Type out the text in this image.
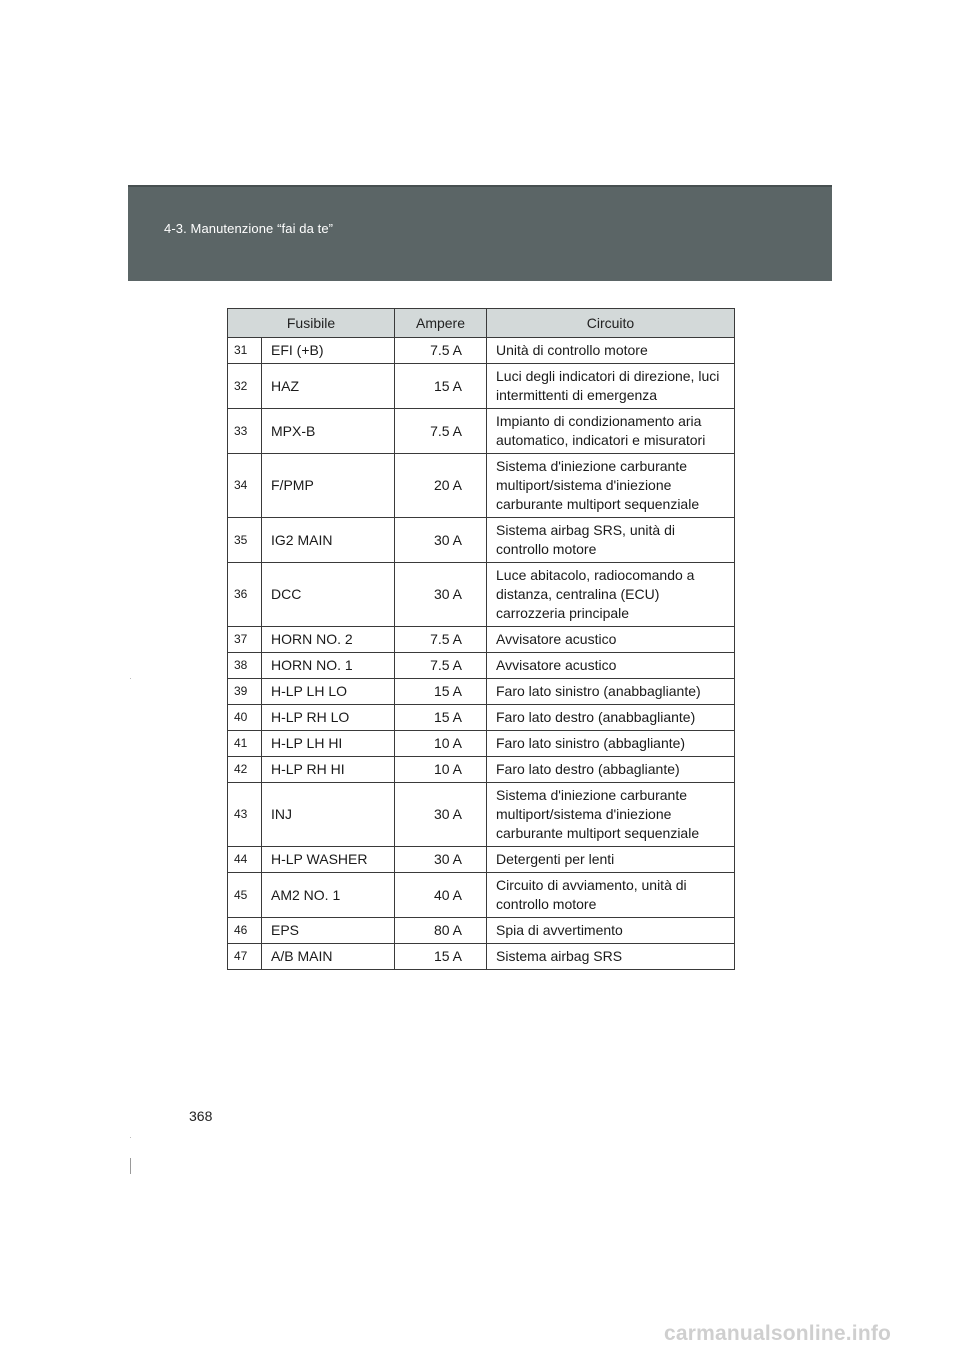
4-3. Manutenzione “fai da te”
Fusibile		Ampere	Circuito
31	EFI (+B)	7.5 A	Unità di controllo motore
32	HAZ	15 A	Luci degli indicatori di direzione, luci intermittenti di emergenza
33	MPX-B	7.5 A	Impianto di condizionamento aria automatico, indicatori e misuratori
34	F/PMP	20 A	Sistema d'iniezione carburante multiport/sistema d'iniezione carburante multiport sequenziale
35	IG2 MAIN	30 A	Sistema airbag SRS, unità di controllo motore
36	DCC	30 A	Luce abitacolo, radiocomando a distanza, centralina (ECU) carrozzeria principale
37	HORN NO. 2	7.5 A	Avvisatore acustico
38	HORN NO. 1	7.5 A	Avvisatore acustico
39	H-LP LH LO	15 A	Faro lato sinistro (anabbagliante)
40	H-LP RH LO	15 A	Faro lato destro (anabbagliante)
41	H-LP LH HI	10 A	Faro lato sinistro (abbagliante)
42	H-LP RH HI	10 A	Faro lato destro (abbagliante)
43	INJ	30 A	Sistema d'iniezione carburante multiport/sistema d'iniezione carburante multiport sequenziale
44	H-LP WASHER	30 A	Detergenti per lenti
45	AM2 NO. 1	40 A	Circuito di avviamento, unità di controllo motore
46	EPS	80 A	Spia di avvertimento
47	A/B MAIN	15 A	Sistema airbag SRS
368
carmanualsonline.info
